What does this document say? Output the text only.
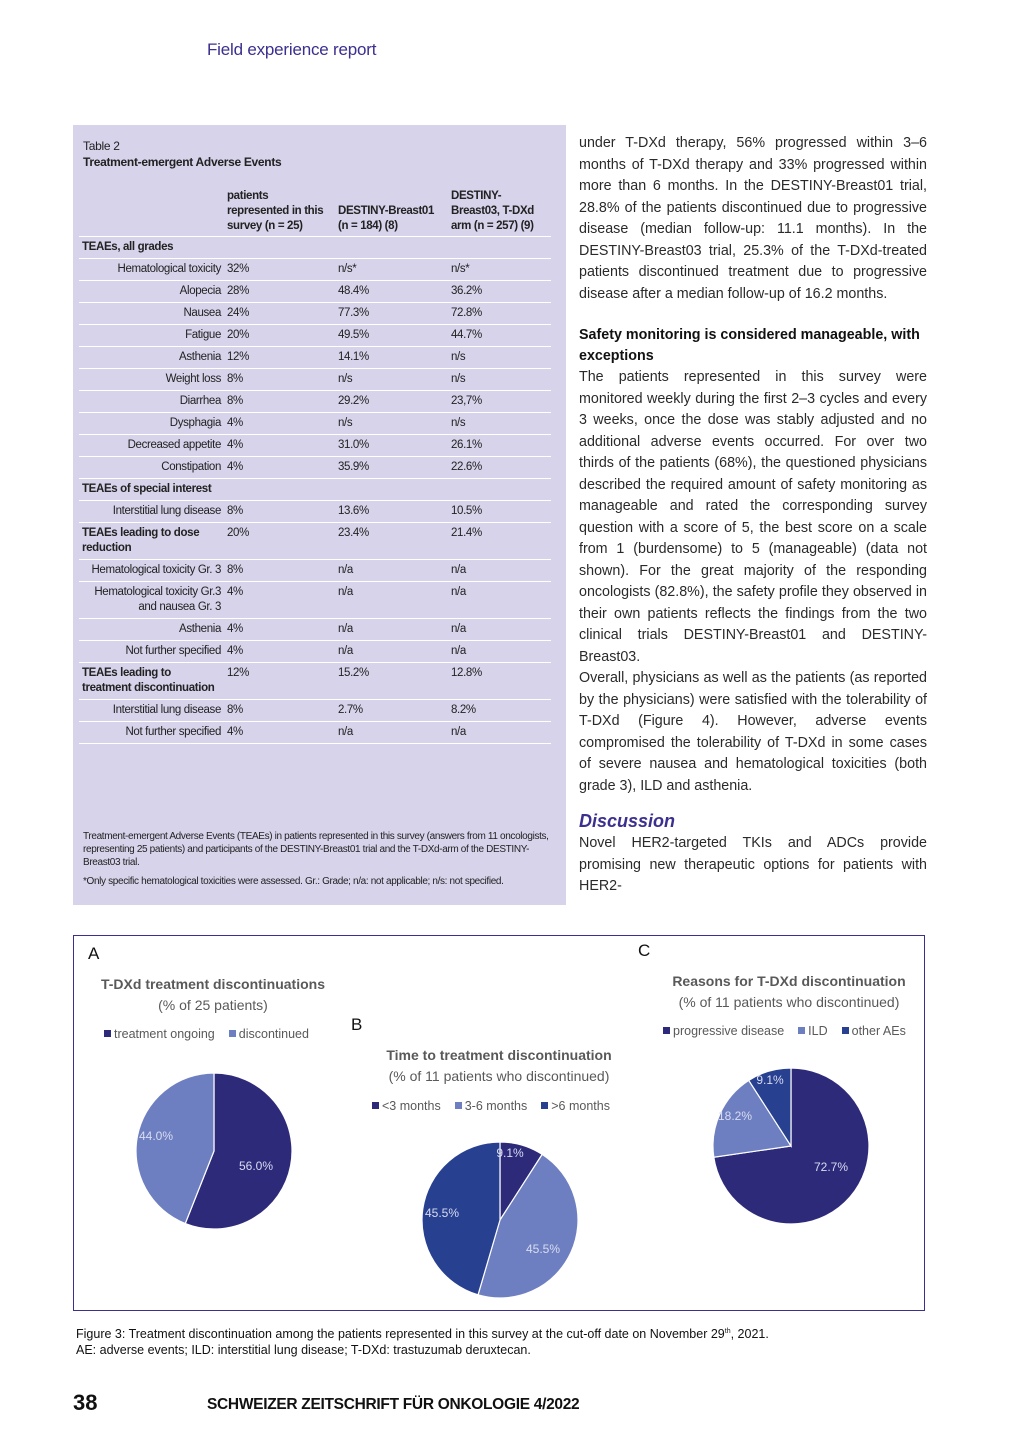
Field experience report
Table 2
Treatment-emergent Adverse Events
	patients represented in this survey (n = 25)	DESTINY-Breast01 (n = 184) (8)	DESTINY-Breast03, T-DXd arm (n = 257) (9)
TEAEs, all grades			
Hematological toxicity	32%	n/s*	n/s*
Alopecia	28%	48.4%	36.2%
Nausea	24%	77.3%	72.8%
Fatigue	20%	49.5%	44.7%
Asthenia	12%	14.1%	n/s
Weight loss	8%	n/s	n/s
Diarrhea	8%	29.2%	23,7%
Dysphagia	4%	n/s	n/s
Decreased appetite	4%	31.0%	26.1%
Constipation	4%	35.9%	22.6%
TEAEs of special interest			
Interstitial lung disease	8%	13.6%	10.5%
TEAEs leading to dose reduction	20%	23.4%	21.4%
Hematological toxicity Gr. 3	8%	n/a	n/a
Hematological toxicity Gr.3 and nausea Gr. 3	4%	n/a	n/a
Asthenia	4%	n/a	n/a
Not further specified	4%	n/a	n/a
TEAEs leading to treatment discontinuation	12%	15.2%	12.8%
Interstitial lung disease	8%	2.7%	8.2%
Not further specified	4%	n/a	n/a

Treatment-emergent Adverse Events (TEAEs) in patients represented in this survey (answers from 11 oncologists, representing 25 patients) and participants of the DESTINY-Breast01 trial and the T-DXd-arm of the DESTINY-Breast03 trial.

*Only specific hematological toxicities were assessed. Gr.: Grade; n/a: not applicable; n/s: not specified.

under T-DXd therapy, 56% progressed within 3–6 months of T-DXd therapy and 33% progressed within more than 6 months. In the DESTINY-Breast01 trial, 28.8% of the patients discontinued due to progressive disease (median follow-up: 11.1 months). In the DESTINY-Breast03 trial, 25.3% of the T-DXd-treated patients discontinued treatment due to progressive disease after a median follow-up of 16.2 months.

Safety monitoring is considered manageable, with exceptions

The patients represented in this survey were monitored weekly during the first 2–3 cycles and every 3 weeks, once the dose was stably adjusted and no additional adverse events occurred. For over two thirds of the patients (68%), the questioned physicians described the required amount of safety monitoring as manageable and rated the corresponding survey question with a score of 5, the best score on a scale from 1 (burdensome) to 5 (manageable) (data not shown). For the great majority of the responding oncologists (82.8%), the safety profile they observed in their own patients reflects the findings from the two clinical trials DESTINY-Breast01 and DESTINY-Breast03.

Overall, physicians as well as the patients (as reported by the physicians) were satisfied with the tolerability of T-DXd (Figure 4). However, adverse events compromised the tolerability of T-DXd in some cases of severe nausea and hematological toxicities (both grade 3), ILD and asthenia.

Discussion

Novel HER2-targeted TKIs and ADCs provide promising new therapeutic options for patients with HER2-

A
B
C
T-DXd treatment discontinuations
(% of 25 patients)
treatment ongoing discontinued
56.0%
44.0%
Time to treatment discontinuation
(% of 11 patients who discontinued)
<3 months 3-6 months >6 months
9.1%
45.5%
45.5%
Reasons for T-DXd discontinuation
(% of 11 patients who discontinued)
progressive disease ILD other AEs
72.7%
18.2%
9.1%
Figure 3: Treatment discontinuation among the patients represented in this survey at the cut-off date on November 29th, 2021.
AE: adverse events; ILD: interstitial lung disease; T-DXd: trastuzumab deruxtecan.
38	SCHWEIZER ZEITSCHRIFT FÜR ONKOLOGIE 4/2022
